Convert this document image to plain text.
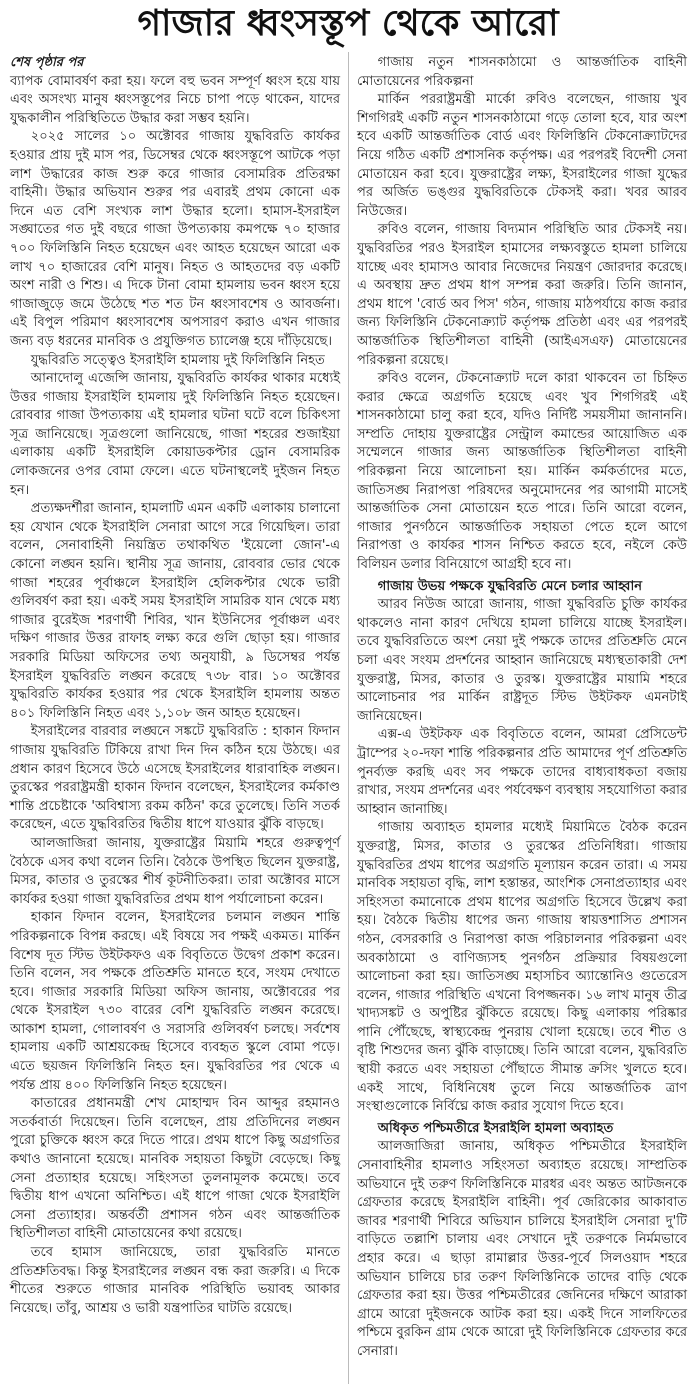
গাজার ধ্বংসস্তূপ থেকে আরো

শেষ পৃষ্ঠার পর

ব্যাপক বোমাবর্ষণ করা হয়। ফলে বহু ভবন সম্পূর্ণ ধ্বংস হয়ে যায় এবং অসংখ্য মানুষ ধ্বংসস্তূপের নিচে চাপা পড়ে থাকেন, যাদের যুদ্ধকালীন পরিস্থিতিতে উদ্ধার করা সম্ভব হয়নি।

২০২৫ সালের ১০ অক্টোবর গাজায় যুদ্ধবিরতি কার্যকর হওয়ার প্রায় দুই মাস পর, ডিসেম্বর থেকে ধ্বংসস্তূপে আটকে পড়া লাশ উদ্ধারের কাজ শুরু করে গাজার বেসামরিক প্রতিরক্ষা বাহিনী। উদ্ধার অভিযান শুরুর পর এবারই প্রথম কোনো এক দিনে এত বেশি সংখ্যক লাশ উদ্ধার হলো। হামাস-ইসরাইল সঙ্ঘাতের গত দুই বছরে গাজা উপত্যকায় কমপক্ষে ৭০ হাজার ৭০০ ফিলিস্তিনি নিহত হয়েছেন এবং আহত হয়েছেন আরো এক লাখ ৭০ হাজারের বেশি মানুষ। নিহত ও আহতদের বড় একটি অংশ নারী ও শিশু। এ দিকে টানা বোমা হামলায় ভবন ধ্বংস হয়ে গাজাজুড়ে জমে উঠেছে শত শত টন ধ্বংসাবশেষ ও আবর্জনা। এই বিপুল পরিমাণ ধ্বংসাবশেষ অপসারণ করাও এখন গাজার জন্য বড় ধরনের মানবিক ও প্রযুক্তিগত চ্যালেঞ্জ হয়ে দাঁড়িয়েছে।

যুদ্ধবিরতি সত্ত্বেও ইসরাইলি হামলায় দুই ফিলিস্তিনি নিহত

আনাদোলু এজেন্সি জানায়, যুদ্ধবিরতি কার্যকর থাকার মধ্যেই উত্তর গাজায় ইসরাইলি হামলায় দুই ফিলিস্তিনি নিহত হয়েছেন। রোববার গাজা উপত্যকায় এই হামলার ঘটনা ঘটে বলে চিকিৎসা সূত্র জানিয়েছে। সূত্রগুলো জানিয়েছে, গাজা শহরের শুজাইয়া এলাকায় একটি ইসরাইলি কোয়াডকপ্টার ড্রোন বেসামরিক লোকজনের ওপর বোমা ফেলে। এতে ঘটনাস্থলেই দুইজন নিহত হন।

প্রত্যক্ষদর্শীরা জানান, হামলাটি এমন একটি এলাকায় চালানো হয় যেখান থেকে ইসরাইলি সেনারা আগে সরে গিয়েছিল। তারা বলেন, সেনাবাহিনী নিয়ন্ত্রিত তথাকথিত 'ইয়েলো জোন'-এ কোনো লঙ্ঘন হয়নি। স্থানীয় সূত্র জানায়, রোববার ভোর থেকে গাজা শহরের পূর্বাঞ্চলে ইসরাইলি হেলিকপ্টার থেকে ভারী গুলিবর্ষণ করা হয়। একই সময় ইসরাইলি সামরিক যান থেকে মধ্য গাজার বুরেইজ শরণার্থী শিবির, খান ইউনিসের পূর্বাঞ্চল এবং দক্ষিণ গাজার উত্তর রাফাহ লক্ষ্য করে গুলি ছোড়া হয়। গাজার সরকারি মিডিয়া অফিসের তথ্য অনুযায়ী, ৯ ডিসেম্বর পর্যন্ত ইসরাইল যুদ্ধবিরতি লঙ্ঘন করেছে ৭৩৮ বার। ১০ অক্টোবর যুদ্ধবিরতি কার্যকর হওয়ার পর থেকে ইসরাইলি হামলায় অন্তত ৪০১ ফিলিস্তিনি নিহত এবং ১,১০৮ জন আহত হয়েছেন।

ইসরাইলের বারবার লঙ্ঘনে সঙ্কটে যুদ্ধবিরতি : হাকান ফিদান গাজায় যুদ্ধবিরতি টিকিয়ে রাখা দিন দিন কঠিন হয়ে উঠছে। এর প্রধান কারণ হিসেবে উঠে এসেছে ইসরাইলের ধারাবাহিক লঙ্ঘন। তুরস্কের পররাষ্ট্রমন্ত্রী হাকান ফিদান বলেছেন, ইসরাইলের কর্মকাণ্ড শান্তি প্রচেষ্টাকে 'অবিশ্বাস্য রকম কঠিন' করে তুলেছে। তিনি সতর্ক করেছেন, এতে যুদ্ধবিরতির দ্বিতীয় ধাপে যাওয়ার ঝুঁকি বাড়ছে।

আলজাজিরা জানায়, যুক্তরাষ্ট্রের মিয়ামি শহরে গুরুত্বপূর্ণ বৈঠকে এসব কথা বলেন তিনি। বৈঠকে উপস্থিত ছিলেন যুক্তরাষ্ট্র, মিসর, কাতার ও তুরস্কের শীর্ষ কূটনীতিকরা। তারা অক্টোবর মাসে কার্যকর হওয়া গাজা যুদ্ধবিরতির প্রথম ধাপ পর্যালোচনা করেন।

হাকান ফিদান বলেন, ইসরাইলের চলমান লঙ্ঘন শান্তি পরিকল্পনাকে বিপন্ন করছে। এই বিষয়ে সব পক্ষই একমত। মার্কিন বিশেষ দূত স্টিভ উইটকফও এক বিবৃতিতে উদ্বেগ প্রকাশ করেন। তিনি বলেন, সব পক্ষকে প্রতিশ্রুতি মানতে হবে, সংযম দেখাতে হবে। গাজার সরকারি মিডিয়া অফিস জানায়, অক্টোবরের পর থেকে ইসরাইল ৭৩০ বারের বেশি যুদ্ধবিরতি লঙ্ঘন করেছে। আকাশ হামলা, গোলাবর্ষণ ও সরাসরি গুলিবর্ষণ চলছে। সর্বশেষ হামলায় একটি আশ্রয়কেন্দ্র হিসেবে ব্যবহৃত স্কুলে বোমা পড়ে। এতে ছয়জন ফিলিস্তিনি নিহত হন। যুদ্ধবিরতির পর থেকে এ পর্যন্ত প্রায় ৪০০ ফিলিস্তিনি নিহত হয়েছেন।

কাতারের প্রধানমন্ত্রী শেখ মোহাম্মদ বিন আব্দুর রহমানও সতর্কবার্তা দিয়েছেন। তিনি বলেছেন, প্রায় প্রতিদিনের লঙ্ঘন পুরো চুক্তিকে ধ্বংস করে দিতে পারে। প্রথম ধাপে কিছু অগ্রগতির কথাও জানানো হয়েছে। মানবিক সহায়তা কিছুটা বেড়েছে। কিছু সেনা প্রত্যাহার হয়েছে। সহিংসতা তুলনামূলক কমেছে। তবে দ্বিতীয় ধাপ এখনো অনিশ্চিত। এই ধাপে গাজা থেকে ইসরাইলি সেনা প্রত্যাহার। অন্তর্বর্তী প্রশাসন গঠন এবং আন্তর্জাতিক স্থিতিশীলতা বাহিনী মোতায়েনের কথা রয়েছে।

তবে হামাস জানিয়েছে, তারা যুদ্ধবিরতি মানতে প্রতিশ্রুতিবদ্ধ। কিন্তু ইসরাইলের লঙ্ঘন বন্ধ করা জরুরি। এ দিকে শীতের শুরুতে গাজার মানবিক পরিস্থিতি ভয়াবহ আকার নিয়েছে। তাঁবু, আশ্রয় ও ভারী যন্ত্রপাতির ঘাটতি রয়েছে।

গাজায় নতুন শাসনকাঠামো ও আন্তর্জাতিক বাহিনী মোতায়েনের পরিকল্পনা

মার্কিন পররাষ্ট্রমন্ত্রী মার্কো রুবিও বলেছেন, গাজায় খুব শিগগিরই একটি নতুন শাসনকাঠামো গড়ে তোলা হবে, যার অংশ হবে একটি আন্তর্জাতিক বোর্ড এবং ফিলিস্তিনি টেকনোক্র্যাটদের নিয়ে গঠিত একটি প্রশাসনিক কর্তৃপক্ষ। এর পরপরই বিদেশী সেনা মোতায়েন করা হবে। যুক্তরাষ্ট্রের লক্ষ্য, ইসরাইলের গাজা যুদ্ধের পর অর্জিত ভঙ্গুর যুদ্ধবিরতিকে টেকসই করা। খবর আরব নিউজের।

রুবিও বলেন, গাজায় বিদ্যমান পরিস্থিতি আর টেকসই নয়। যুদ্ধবিরতির পরও ইসরাইল হামাসের লক্ষ্যবস্তুতে হামলা চালিয়ে যাচ্ছে এবং হামাসও আবার নিজেদের নিয়ন্ত্রণ জোরদার করেছে। এ অবস্থায় দ্রুত প্রথম ধাপ সম্পন্ন করা জরুরি। তিনি জানান, প্রথম ধাপে 'বোর্ড অব পিস' গঠন, গাজায় মাঠপর্যায়ে কাজ করার জন্য ফিলিস্তিনি টেকনোক্র্যাট কর্তৃপক্ষ প্রতিষ্ঠা এবং এর পরপরই আন্তর্জাতিক স্থিতিশীলতা বাহিনী (আইএসএফ) মোতায়েনের পরিকল্পনা রয়েছে।

রুবিও বলেন, টেকনোক্র্যাট দলে কারা থাকবেন তা চিহ্নিত করার ক্ষেত্রে অগ্রগতি হয়েছে এবং খুব শিগগিরই এই শাসনকাঠামো চালু করা হবে, যদিও নির্দিষ্ট সময়সীমা জানাননি। সম্প্রতি দোহায় যুক্তরাষ্ট্রের সেন্ট্রাল কমান্ডের আয়োজিত এক সম্মেলনে গাজার জন্য আন্তর্জাতিক স্থিতিশীলতা বাহিনী পরিকল্পনা নিয়ে আলোচনা হয়। মার্কিন কর্মকর্তাদের মতে, জাতিসঙ্ঘ নিরাপত্তা পরিষদের অনুমোদনের পর আগামী মাসেই আন্তর্জাতিক সেনা মোতায়েন হতে পারে। তিনি আরো বলেন, গাজার পুনর্গঠনে আন্তর্জাতিক সহায়তা পেতে হলে আগে নিরাপত্তা ও কার্যকর শাসন নিশ্চিত করতে হবে, নইলে কেউ বিলিয়ন ডলার বিনিয়োগে আগ্রহী হবে না।

গাজায় উভয় পক্ষকে যুদ্ধবিরতি মেনে চলার আহ্বান

আরব নিউজ আরো জানায়, গাজা যুদ্ধবিরতি চুক্তি কার্যকর থাকলেও নানা কারণ দেখিয়ে হামলা চালিয়ে যাচ্ছে ইসরাইল। তবে যুদ্ধবিরতিতে অংশ নেয়া দুই পক্ষকে তাদের প্রতিশ্রুতি মেনে চলা এবং সংযম প্রদর্শনের আহ্বান জানিয়েছে মধ্যস্থতাকারী দেশ যুক্তরাষ্ট্র, মিসর, কাতার ও তুরস্ক। যুক্তরাষ্ট্রের মায়ামি শহরে আলোচনার পর মার্কিন রাষ্ট্রদূত স্টিভ উইটকফ এমনটাই জানিয়েছেন।

এক্স-এ উইটকফ এক বিবৃতিতে বলেন, আমরা প্রেসিডেন্ট ট্রাম্পের ২০-দফা শান্তি পরিকল্পনার প্রতি আমাদের পূর্ণ প্রতিশ্রুতি পুনর্ব্যক্ত করছি এবং সব পক্ষকে তাদের বাধ্যবাধকতা বজায় রাখার, সংযম প্রদর্শনের এবং পর্যবেক্ষণ ব্যবস্থায় সহযোগিতা করার আহ্বান জানাচ্ছি।

গাজায় অব্যাহত হামলার মধ্যেই মিয়ামিতে বৈঠক করেন যুক্তরাষ্ট্র, মিসর, কাতার ও তুরস্কের প্রতিনিধিরা। গাজায় যুদ্ধবিরতির প্রথম ধাপের অগ্রগতি মূল্যায়ন করেন তারা। এ সময় মানবিক সহায়তা বৃদ্ধি, লাশ হস্তান্তর, আংশিক সেনাপ্রত্যাহার এবং সহিংসতা কমানোকে প্রথম ধাপের অগ্রগতি হিসেবে উল্লেখ করা হয়। বৈঠকে দ্বিতীয় ধাপের জন্য গাজায় স্বায়ত্তশাসিত প্রশাসন গঠন, বেসরকারি ও নিরাপত্তা কাজ পরিচালনার পরিকল্পনা এবং অবকাঠামো ও বাণিজ্যসহ পুনর্গঠন প্রক্রিয়ার বিষয়গুলো আলোচনা করা হয়। জাতিসঙ্ঘ মহাসচিব অ্যান্তোনিও গুতেরেস বলেন, গাজার পরিস্থিতি এখনো বিপজ্জনক। ১৬ লাখ মানুষ তীব্র খাদ্যসঙ্কট ও অপুষ্টির ঝুঁকিতে রয়েছে। কিছু এলাকায় পরিষ্কার পানি পৌঁছেছে, স্বাস্থ্যকেন্দ্র পুনরায় খোলা হয়েছে। তবে শীত ও বৃষ্টি শিশুদের জন্য ঝুঁকি বাড়াচ্ছে। তিনি আরো বলেন, যুদ্ধবিরতি স্থায়ী করতে এবং সহায়তা পৌঁছাতে সীমান্ত ক্রসিং খুলতে হবে। একই সাথে, বিধিনিষেধ তুলে নিয়ে আন্তর্জাতিক ত্রাণ সংস্থাগুলোকে নির্বিঘ্নে কাজ করার সুযোগ দিতে হবে।

অধিকৃত পশ্চিমতীরে ইসরাইলি হামলা অব্যাহত

আলজাজিরা জানায়, অধিকৃত পশ্চিমতীরে ইসরাইলি সেনাবাহিনীর হামলাও সহিংসতা অব্যাহত রয়েছে। সাম্প্রতিক অভিযানে দুই তরুণ ফিলিস্তিনিকে মারধর এবং অন্তত আটজনকে গ্রেফতার করেছে ইসরাইলি বাহিনী। পূর্ব জেরিকোর আকাবাত জাবর শরণার্থী শিবিরে অভিযান চালিয়ে ইসরাইলি সেনারা দু'টি বাড়িতে তল্লাশি চালায় এবং সেখানে দুই তরুণকে নির্মমভাবে প্রহার করে। এ ছাড়া রামাল্লার উত্তর-পূর্বে সিলওয়াদ শহরে অভিযান চালিয়ে চার তরুণ ফিলিস্তিনিকে তাদের বাড়ি থেকে গ্রেফতার করা হয়। উত্তর পশ্চিমতীরের জেনিনের দক্ষিণে আরাকা গ্রামে আরো দুইজনকে আটক করা হয়। একই দিনে সালফিতের পশ্চিমে বুরকিন গ্রাম থেকে আরো দুই ফিলিস্তিনিকে গ্রেফতার করে সেনারা।
